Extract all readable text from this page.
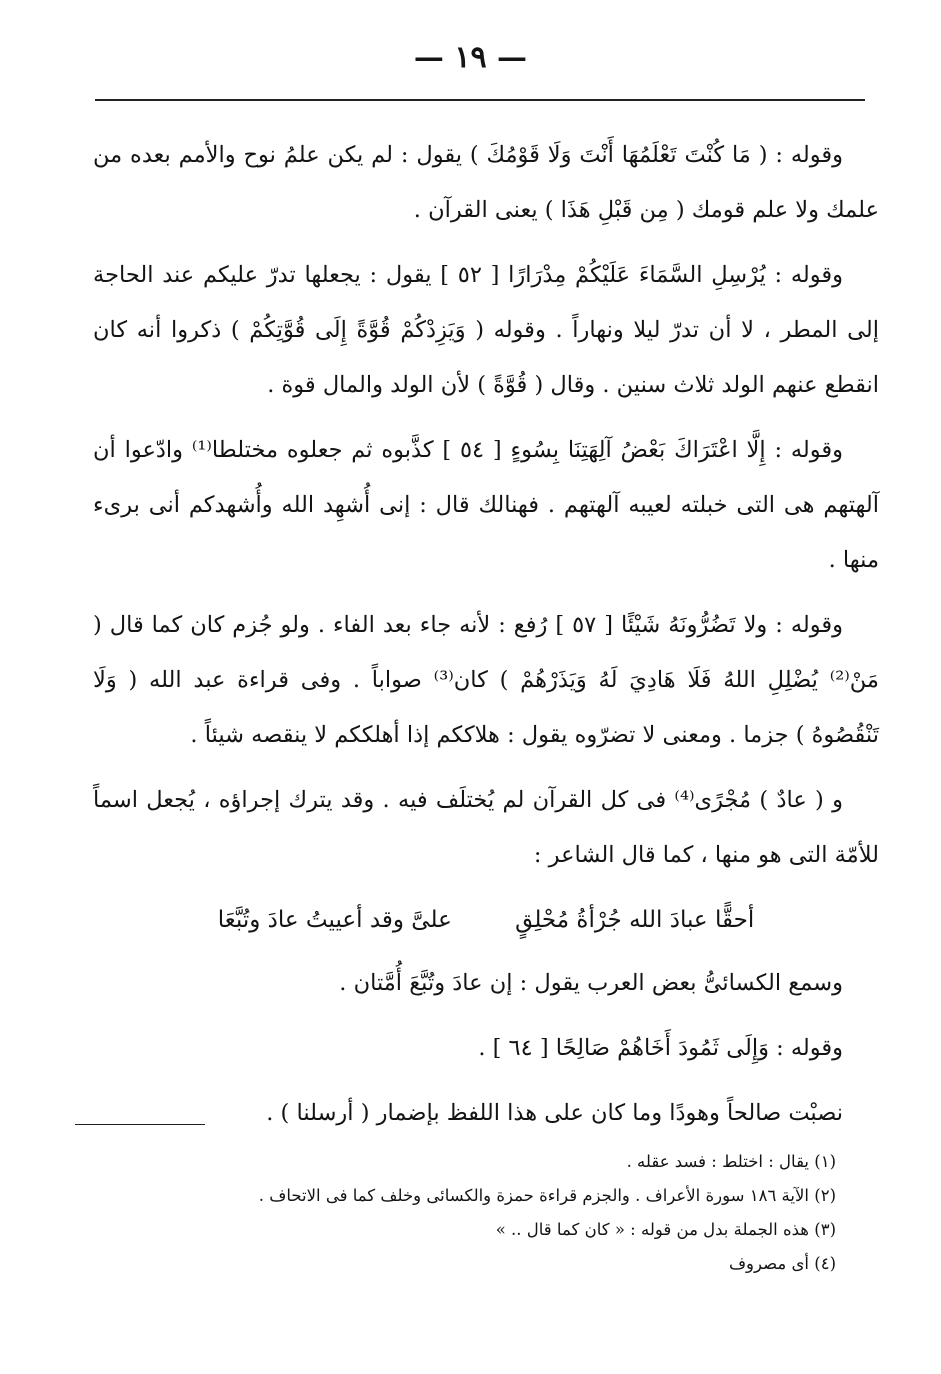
— ١٩ —

وقوله : ( مَا كُنْتَ تَعْلَمُهَا أَنْتَ وَلَا قَوْمُكَ ) يقول : لم يكن علمُ نوح والأمم بعده من علمك ولا علم قومك ( مِن قَبْلِ هَذَا ) يعنى القرآن .

وقوله : يُرْسِلِ السَّمَاءَ عَلَيْكُمْ مِدْرَارًا [ ٥٢ ] يقول : يجعلها تدرّ عليكم عند الحاجة إلى المطر ، لا أن تدرّ ليلا ونهاراً . وقوله ( وَيَزِدْكُمْ قُوَّةً إِلَى قُوَّتِكُمْ ) ذكروا أنه كان انقطع عنهم الولد ثلاث سنين . وقال ( قُوَّةً ) لأن الولد والمال قوة .

وقوله : إِلَّا اعْتَرَاكَ بَعْضُ آلِهَتِنَا بِسُوءٍ [ ٥٤ ] كذَّبوه ثم جعلوه مختلطا⁽¹⁾ وادّعوا أن آلهتهم هى التى خبلته لعيبه آلهتهم . فهنالك قال : إنى أُشهِد الله وأُشهدكم أنى برىء منها .

وقوله : ولا تَضُرُّونَهُ شَيْئًا [ ٥٧ ] رُفع : لأنه جاء بعد الفاء . ولو جُزم كان كما قال ( مَنْ⁽²⁾ يُضْلِلِ اللهُ فَلَا هَادِيَ لَهُ وَيَذَرْهُمْ ) كان⁽³⁾ صواباً . وفى قراءة عبد الله ( وَلَا تَنْقُصُوهُ ) جزما . ومعنى لا تضرّوه يقول : هلاككم إذا أهلككم لا ينقصه شيئاً .

و ( عادٌ ) مُجْرًى⁽⁴⁾ فى كل القرآن لم يُختلَف فيه . وقد يترك إجراؤه ، يُجعل اسماً للأمّة التى هو منها ، كما قال الشاعر :

أحقًّا عبادَ الله جُرْأةُ مُحْلِقٍ علىَّ وقد أعييتُ عادَ وتُبَّعَا

وسمع الكسائىُّ بعض العرب يقول : إن عادَ وتُبَّعَ أُمَّتان .

وقوله : وَإِلَى ثَمُودَ أَخَاهُمْ صَالِحًا [ ٦٤ ] .

نصبْت صالحاً وهودًا وما كان على هذا اللفظ بإضمار ( أرسلنا ) .

(١) يقال : اختلط : فسد عقله .

(٢) الآية ١٨٦ سورة الأعراف . والجزم قراءة حمزة والكسائى وخلف كما فى الاتحاف .

(٣) هذه الجملة بدل من قوله : « كان كما قال .. »

(٤) أى مصروف
